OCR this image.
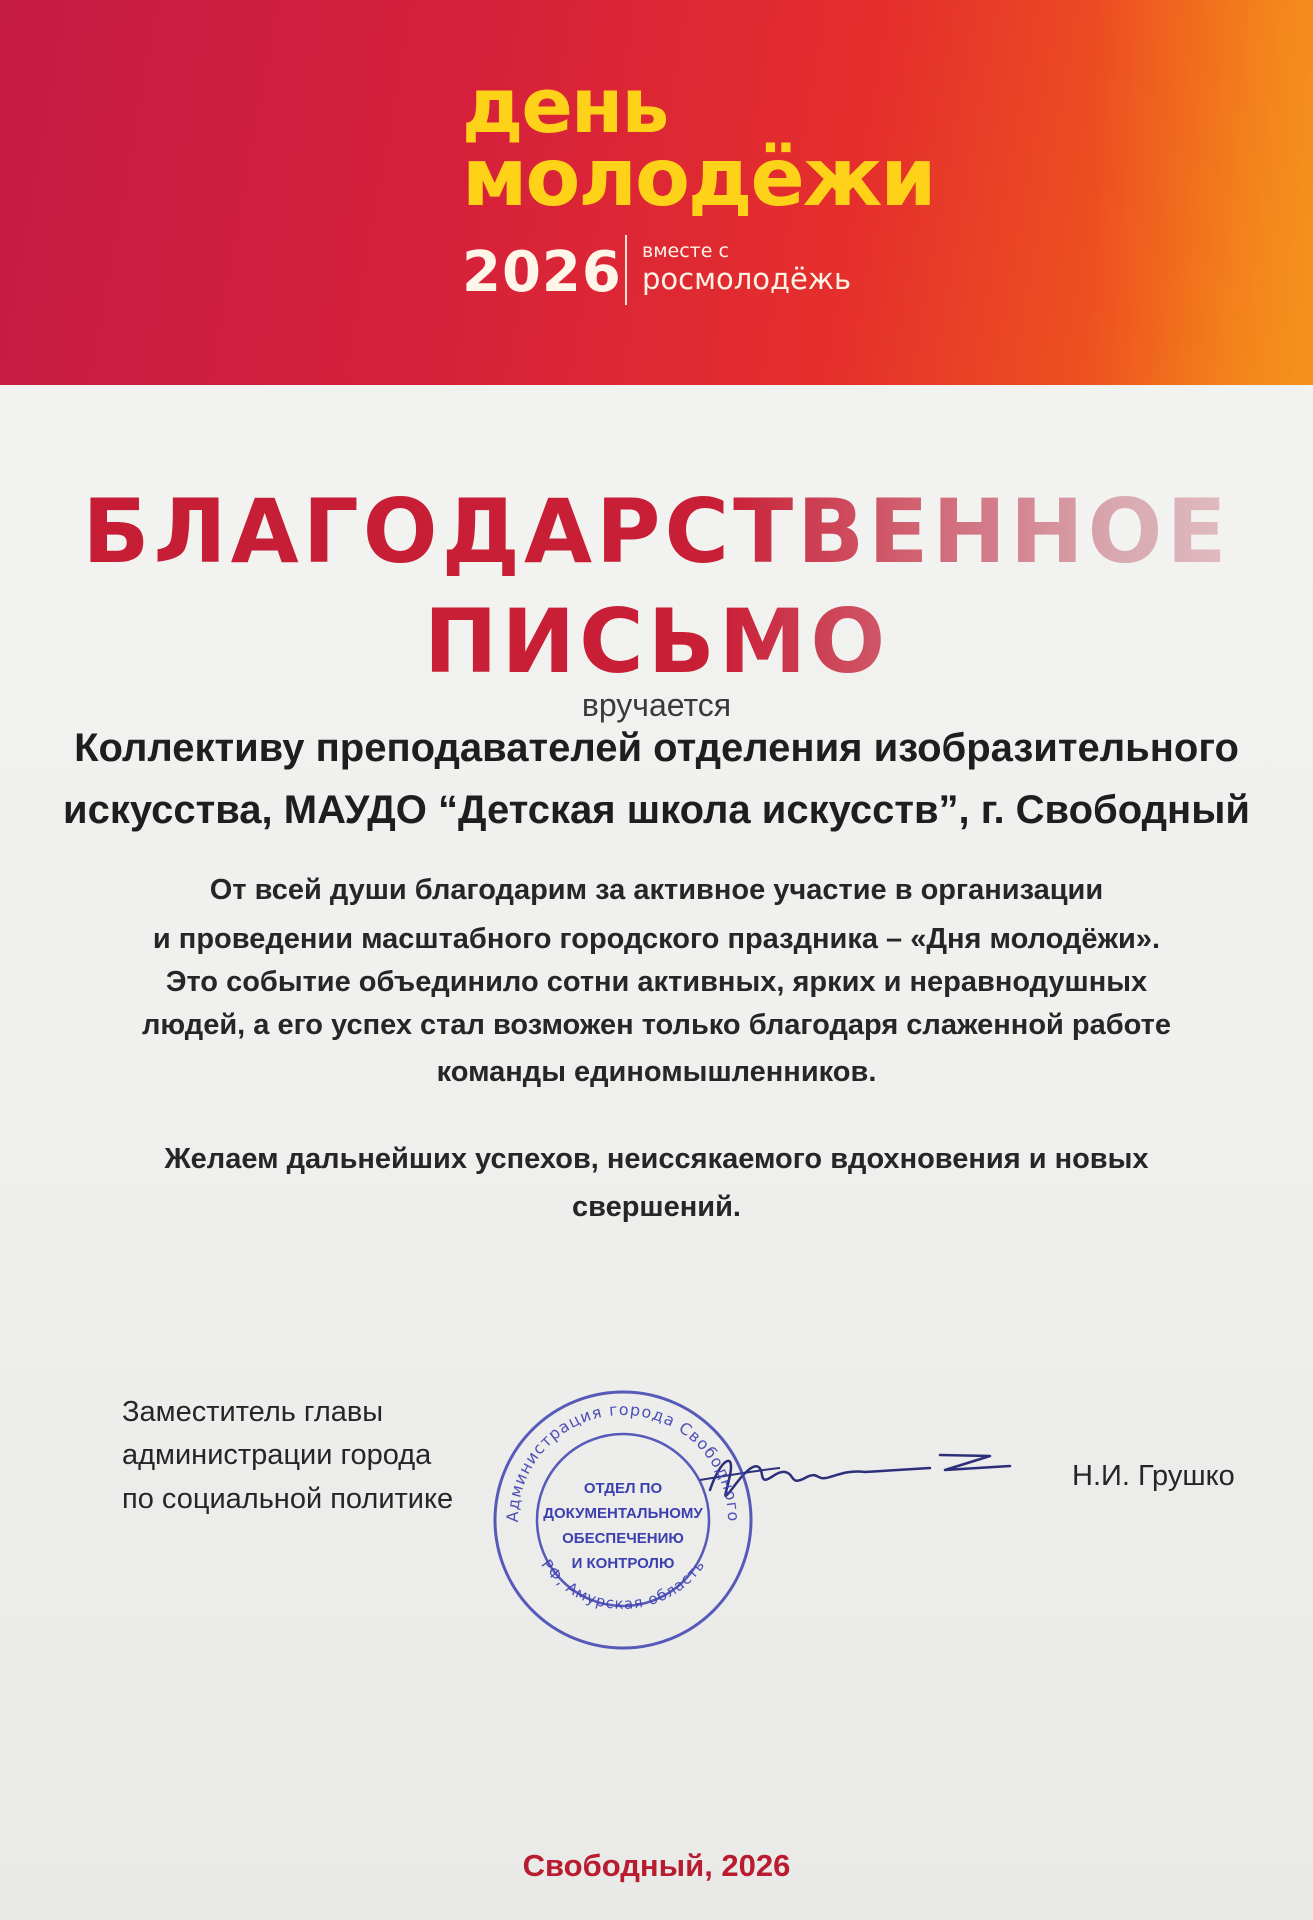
день
молодёжи
2026 вместе с
росмолодёжь
БЛАГОДАРСТВЕННОЕ
ПИСЬМО
вручается
Коллективу преподавателей отделения изобразительного
искусства, МАУДО “Детская школа искусств”, г. Свободный
От всей души благодарим за активное участие в организации
и проведении масштабного городского праздника – «Дня молодёжи».
Это событие объединило сотни активных, ярких и неравнодушных
людей, а его успех стал возможен только благодаря слаженной работе
команды единомышленников.
Желаем дальнейших успехов, неиссякаемого вдохновения и новых
свершений.
Заместитель главы
администрации города
по социальной политике
Администрация города Свободного
РФ, Амурская область
ОТДЕЛ ПО
ДОКУМЕНТАЛЬНОМУ
ОБЕСПЕЧЕНИЮ
И КОНТРОЛЮ
Н.И. Грушко
Свободный, 2026
